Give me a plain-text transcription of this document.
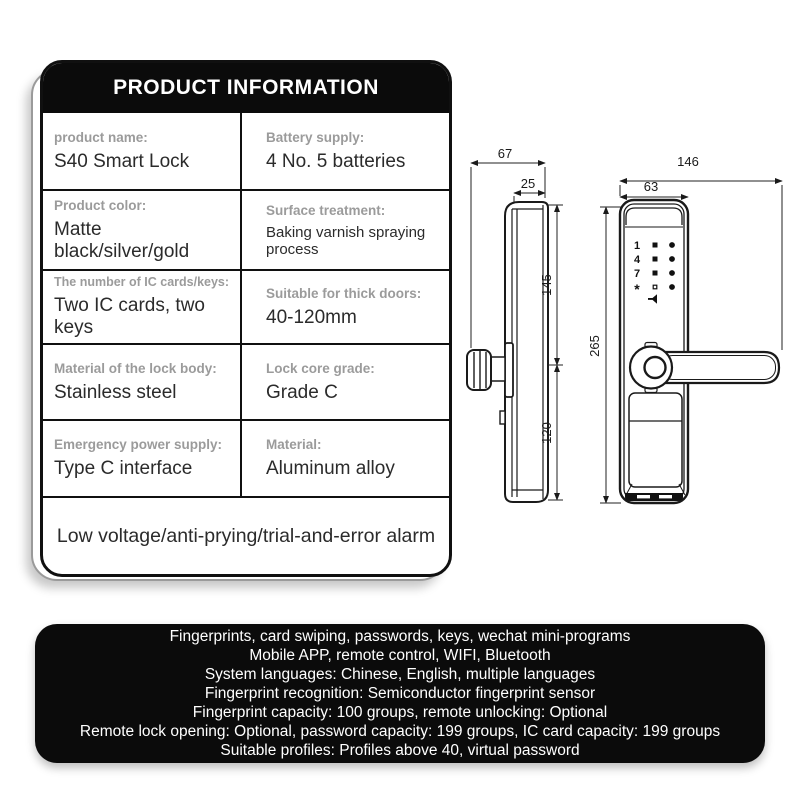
PRODUCT INFORMATION
product name:
S40 Smart Lock
Battery supply:
4 No. 5 batteries
Product color:
Matte black/silver/gold
Surface treatment:
Baking varnish spraying process
The number of IC cards/keys:
Two IC cards, two keys
Suitable for thick doors:
40-120mm
Material of the lock body:
Stainless steel
Lock core grade:
Grade C
Emergency power supply:
Type C interface
Material:
Aluminum alloy
Low voltage/anti-prying/trial-and-error alarm
67
25
145
120
265
1
4
7
*
146
63
Fingerprints, card swiping, passwords, keys, wechat mini-programs
Mobile APP, remote control, WIFI, Bluetooth
System languages: Chinese, English, multiple languages
Fingerprint recognition: Semiconductor fingerprint sensor
Fingerprint capacity: 100 groups, remote unlocking: Optional
Remote lock opening: Optional, password capacity: 199 groups, IC card capacity: 199 groups
Suitable profiles: Profiles above 40, virtual password
